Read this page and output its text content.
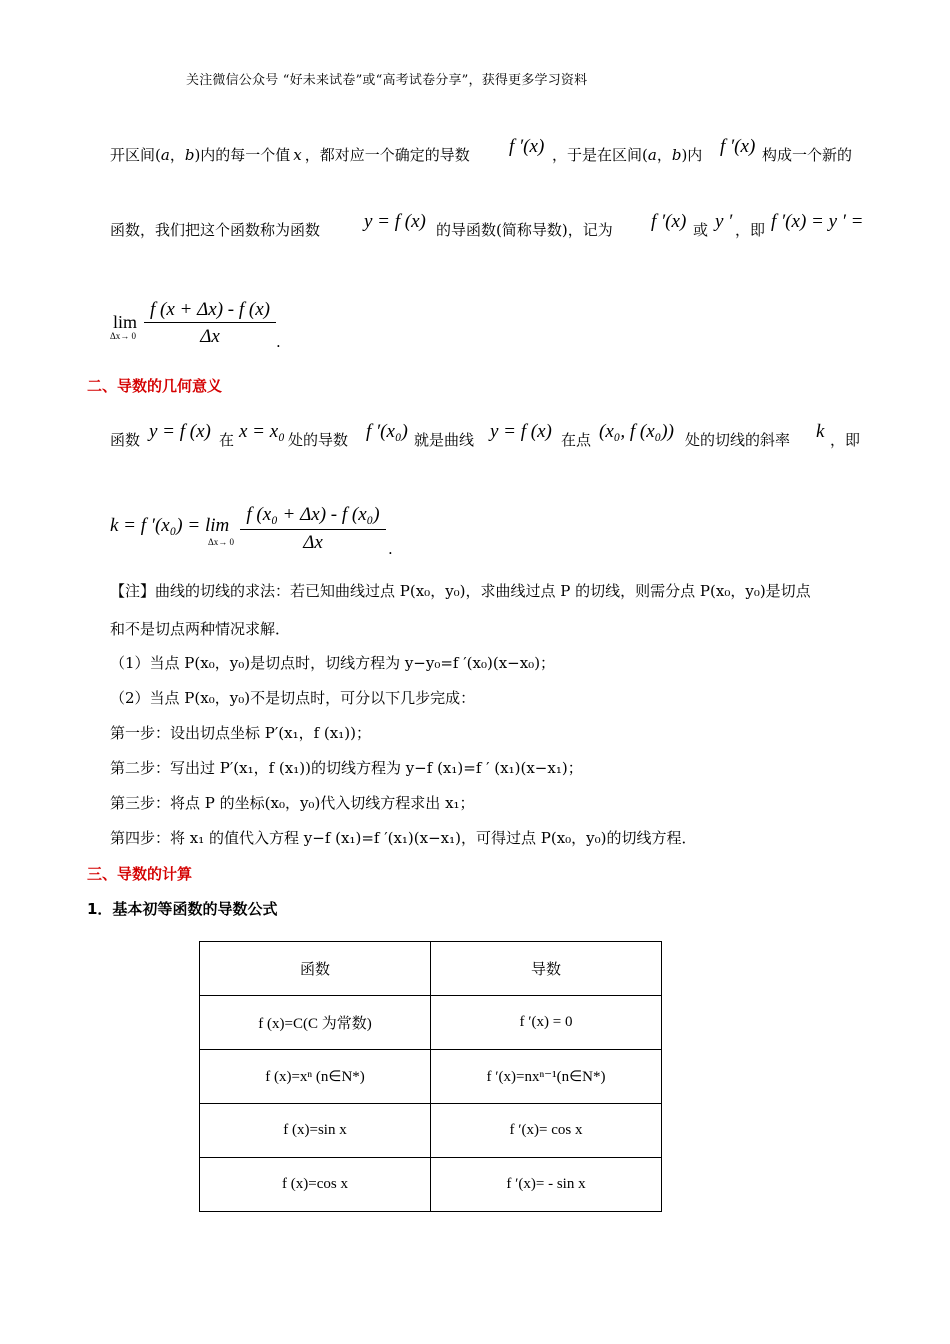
关注微信公众号 “好未来试卷”或“高考试卷分享”，获得更多学习资料
开区间(a，b)内的每一个值 x ，都对应一个确定的导数 f ′(x) ，于是在区间(a，b)内 f ′(x) 构成一个新的
函数，我们把这个函数称为函数 y = f (x) 的导函数(简称导数)，记为 f ′(x) 或 y ′ ，即 f ′(x) = y ′ =
lim
Δx→ 0
f (x + Δx) - f (x)
Δx	.
二、导数的几何意义
函数 y = f (x) 在 x = x₀ 处的导数 f ′(x₀) 就是曲线 y = f (x) 在点 (x₀, f (x₀)) 处的切线的斜率 k ，即
k = f ′(x₀) = lim
Δx→ 0
f (x₀ + Δx) - f (x₀)
Δx	.
【注】曲线的切线的求法：若已知曲线过点 P(x₀，y₀)，求曲线过点 P 的切线，则需分点 P(x₀，y₀)是切点
和不是切点两种情况求解．
（1）当点 P(x₀，y₀)是切点时，切线方程为 y−y₀=f ′(x₀)(x−x₀)；
（2）当点 P(x₀，y₀)不是切点时，可分以下几步完成：
第一步：设出切点坐标 P′(x₁，f (x₁))；
第二步：写出过 P′(x₁，f (x₁))的切线方程为 y−f (x₁)=f ′ (x₁)(x−x₁)；
第三步：将点 P 的坐标(x₀，y₀)代入切线方程求出 x₁；
第四步：将 x₁ 的值代入方程 y−f (x₁)=f ′(x₁)(x−x₁)，可得过点 P(x₀，y₀)的切线方程．
三、导数的计算
1．基本初等函数的导数公式
函数	导数
f (x)=C(C 为常数)	f ′(x) = 0
f (x)=xⁿ (n∈N*)	f ′(x)=nxⁿ⁻¹(n∈N*)
f (x)=sin x	f ′(x)= cos x
f (x)=cos x	f ′(x)= - sin x
